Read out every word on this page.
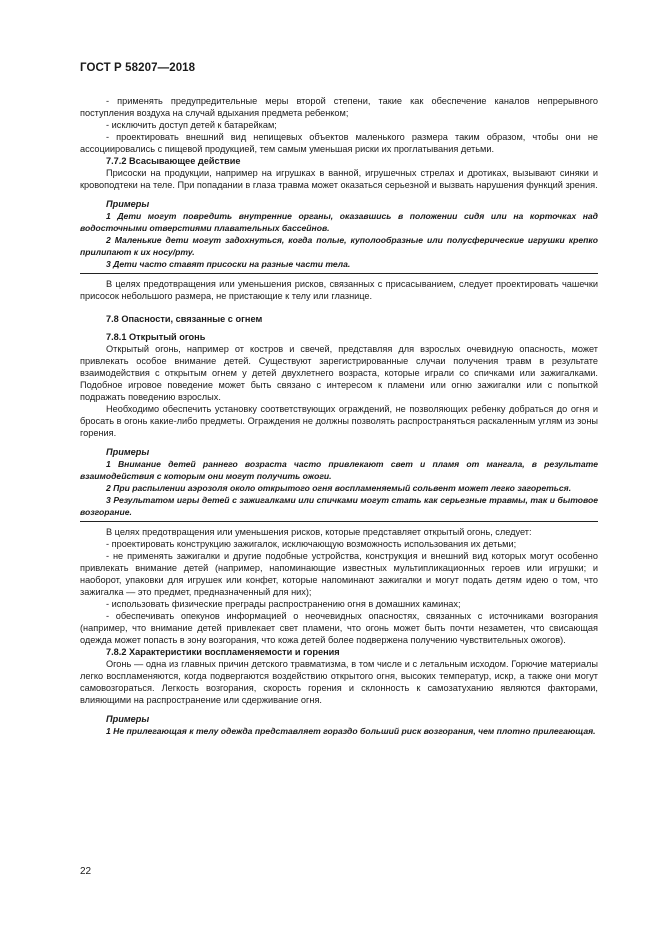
ГОСТ Р 58207—2018

- применять предупредительные меры второй степени, такие как обеспечение каналов непрерывного поступления воздуха на случай вдыхания предмета ребенком;

- исключить доступ детей к батарейкам;

- проектировать внешний вид непищевых объектов маленького размера таким образом, чтобы они не ассоциировались с пищевой продукцией, тем самым уменьшая риски их проглатывания детьми.

7.7.2 Всасывающее действие

Присоски на продукции, например на игрушках в ванной, игрушечных стрелах и дротиках, вызывают синяки и кровоподтеки на теле. При попадании в глаза травма может оказаться серьезной и вызвать нарушения функций зрения.

Примеры

1 Дети могут повредить внутренние органы, оказавшись в положении сидя или на корточках над водосточными отверстиями плавательных бассейнов.

2 Маленькие дети могут задохнуться, когда полые, куполообразные или полусферические игрушки крепко прилипают к их носу/рту.

3 Дети часто ставят присоски на разные части тела.

В целях предотвращения или уменьшения рисков, связанных с присасыванием, следует проектировать чашечки присосок небольшого размера, не пристающие к телу или глазнице.

7.8 Опасности, связанные с огнем

7.8.1 Открытый огонь

Открытый огонь, например от костров и свечей, представляя для взрослых очевидную опасность, может привлекать особое внимание детей. Существуют зарегистрированные случаи получения травм в результате взаимодействия с открытым огнем у детей двухлетнего возраста, которые играли со спичками или зажигалками. Подобное игровое поведение может быть связано с интересом к пламени или огню зажигалки или с попыткой подражать поведению взрослых.

Необходимо обеспечить установку соответствующих ограждений, не позволяющих ребенку добраться до огня и бросать в огонь какие-либо предметы. Ограждения не должны позволять распространяться раскаленным углям из зоны горения.

Примеры

1 Внимание детей раннего возраста часто привлекают свет и пламя от мангала, в результате взаимодействия с которым они могут получить ожоги.

2 При распылении аэрозоля около открытого огня воспламеняемый сольвент может легко загореться.

3 Результатом игры детей с зажигалками или спичками могут стать как серьезные травмы, так и бытовое возгорание.

В целях предотвращения или уменьшения рисков, которые представляет открытый огонь, следует:

- проектировать конструкцию зажигалок, исключающую возможность использования их детьми;

- не применять зажигалки и другие подобные устройства, конструкция и внешний вид которых могут особенно привлекать внимание детей (например, напоминающие известных мультипликационных героев или игрушки; и наоборот, упаковки для игрушек или конфет, которые напоминают зажигалки и могут подать детям идею о том, что зажигалка — это предмет, предназначенный для них);

- использовать физические преграды распространению огня в домашних каминах;

- обеспечивать опекунов информацией о неочевидных опасностях, связанных с источниками возгорания (например, что внимание детей привлекает свет пламени, что огонь может быть почти незаметен, что свисающая одежда может попасть в зону возгорания, что кожа детей более подвержена получению чувствительных ожогов).

7.8.2 Характеристики воспламеняемости и горения

Огонь — одна из главных причин детского травматизма, в том числе и с летальным исходом. Горючие материалы легко воспламеняются, когда подвергаются воздействию открытого огня, высоких температур, искр, а также они могут самовозгораться. Легкость возгорания, скорость горения и склонность к самозатуханию являются факторами, влияющими на распространение или сдерживание огня.

Примеры

1 Не прилегающая к телу одежда представляет гораздо больший риск возгорания, чем плотно прилегающая.

22
